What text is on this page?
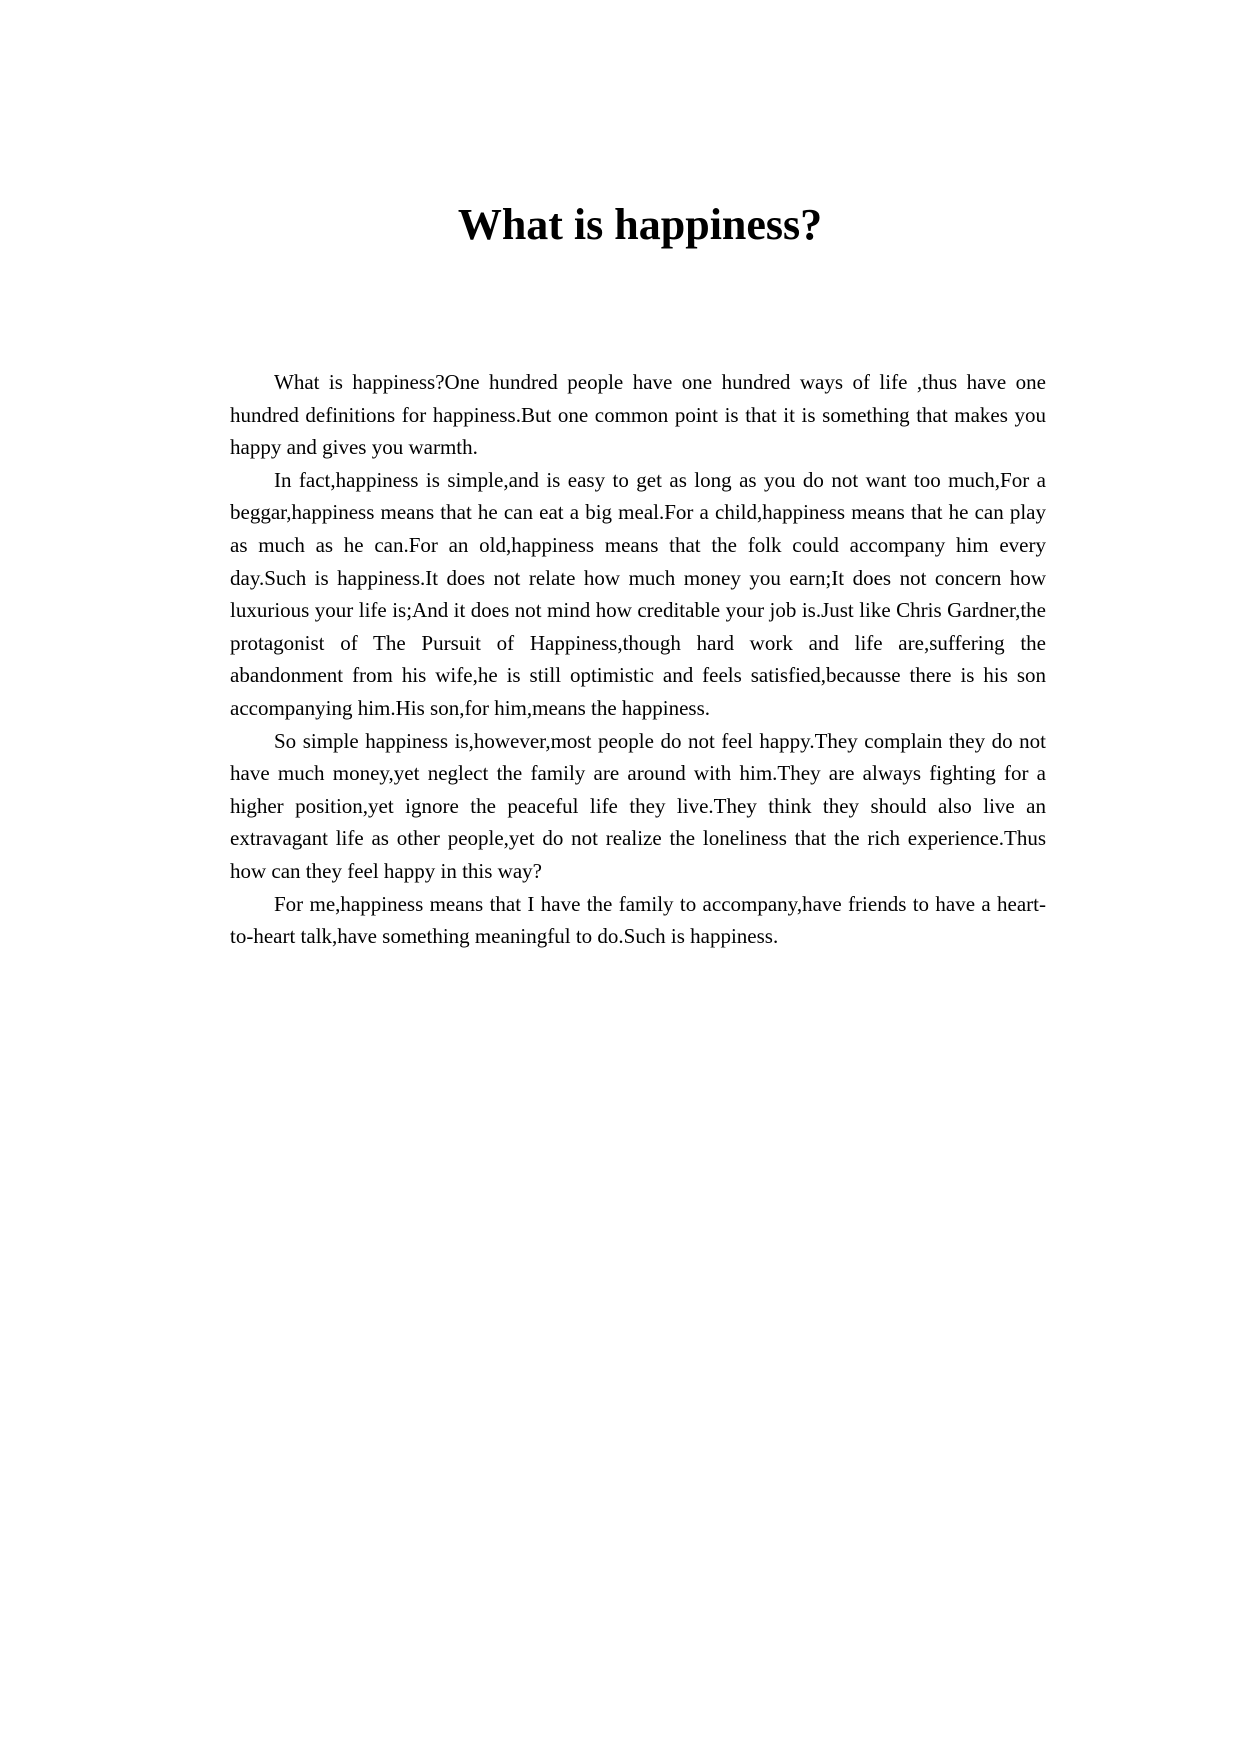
What is happiness?

What is happiness?One hundred people have one hundred ways of life ,thus have one hundred definitions for happiness.But one common point is that it is something that makes you happy and gives you warmth.

In fact,happiness is simple,and is easy to get as long as you do not want too much,For a beggar,happiness means that he can eat a big meal.For a child,happiness means that he can play as much as he can.For an old,happiness means that the folk could accompany him every day.Such is happiness.It does not relate how much money you earn;It does not concern how luxurious your life is;And it does not mind how creditable your job is.Just like Chris Gardner,the protagonist of The Pursuit of Happiness,though hard work and life are,suffering the abandonment from his wife,he is still optimistic and feels satisfied,becausse there is his son accompanying him.His son,for him,means the happiness.

So simple happiness is,however,most people do not feel happy.They complain they do not have much money,yet neglect the family are around with him.They are always fighting for a higher position,yet ignore the peaceful life they live.They think they should also live an extravagant life as other people,yet do not realize the loneliness that the rich experience.Thus how can they feel happy in this way?

For me,happiness means that I have the family to accompany,have friends to have a heart-to-heart talk,have something meaningful to do.Such is happiness.
